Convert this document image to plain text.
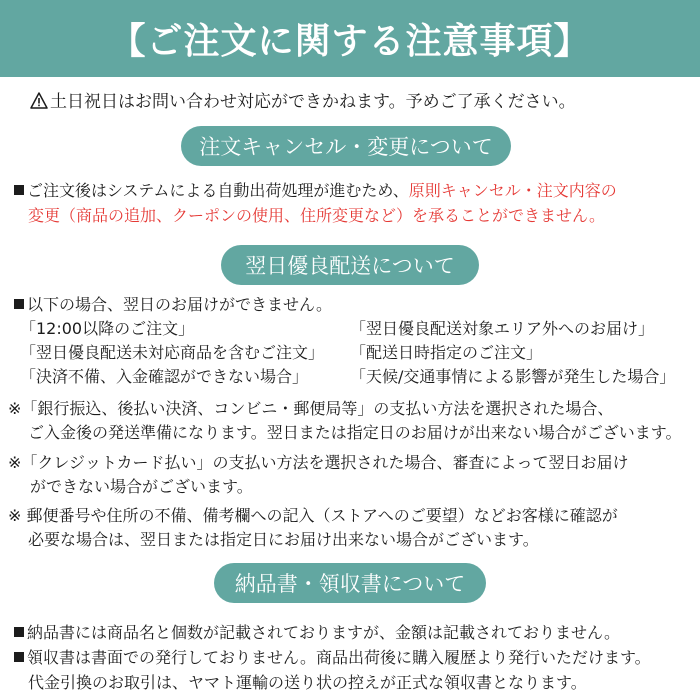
【ご注文に関する注意事項】
土日祝日はお問い合わせ対応ができかねます。予めご了承ください。
注文キャンセル・変更について
ご注文後はシステムによる自動出荷処理が進むため、原則キャンセル・注文内容の
変更（商品の追加、クーポンの使用、住所変更など）を承ることができません。
翌日優良配送について
以下の場合、翌日のお届けができません。
「12:00以降のご注文」
「翌日優良配送未対応商品を含むご注文」
「決済不備、入金確認ができない場合」
「翌日優良配送対象エリア外へのお届け」
「配送日時指定のご注文」
「天候/交通事情による影響が発生した場合」
※「銀行振込、後払い決済、コンビニ・郵便局等」の支払い方法を選択された場合、
ご入金後の発送準備になります。翌日または指定日のお届けが出来ない場合がございます。
※「クレジットカード払い」の支払い方法を選択された場合、審査によって翌日お届け
ができない場合がございます。
※ 郵便番号や住所の不備、備考欄への記入（ストアへのご要望）などお客様に確認が
必要な場合は、翌日または指定日にお届け出来ない場合がございます。
納品書・領収書について
納品書には商品名と個数が記載されておりますが、金額は記載されておりません。
領収書は書面での発行しておりません。商品出荷後に購入履歴より発行いただけます。
代金引換のお取引は、ヤマト運輸の送り状の控えが正式な領収書となります。
